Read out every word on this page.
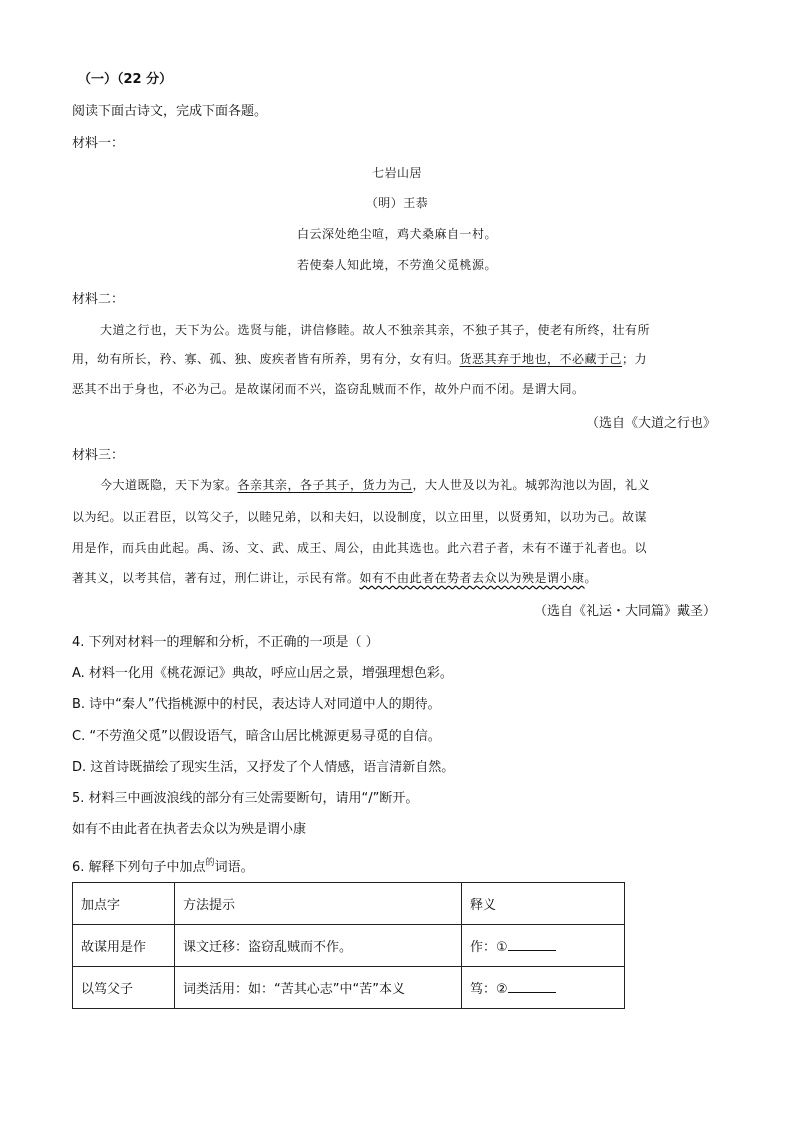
（一）（22 分）
阅读下面古诗文，完成下面各题。
材料一：
七岩山居
（明）王恭
白云深处绝尘喧，鸡犬桑麻自一村。
若使秦人知此境，不劳渔父觅桃源。
材料二：
大道之行也，天下为公。选贤与能，讲信修睦。故人不独亲其亲，不独子其子，使老有所终，壮有所
用，幼有所长，矜、寡、孤、独、废疾者皆有所养，男有分，女有归。货恶其弃于地也，不必藏于己；力
恶其不出于身也，不必为己。是故谋闭而不兴，盗窃乱贼而不作，故外户而不闭。是谓大同。
（选自《大道之行也》
材料三：
今大道既隐，天下为家。各亲其亲，各子其子，货力为己，大人世及以为礼。城郭沟池以为固，礼义
以为纪。以正君臣，以笃父子，以睦兄弟，以和夫妇，以设制度，以立田里，以贤勇知，以功为己。故谋
用是作，而兵由此起。禹、汤、文、武、成王、周公，由此其选也。此六君子者，未有不谨于礼者也。以
著其义，以考其信，著有过，刑仁讲让，示民有常。如有不由此者在势者去众以为殃是谓小康。
（选自《礼运・大同篇》戴圣）
4. 下列对材料一的理解和分析，不正确的一项是（ ）
A. 材料一化用《桃花源记》典故，呼应山居之景，增强理想色彩。
B. 诗中“秦人”代指桃源中的村民，表达诗人对同道中人的期待。
C. “不劳渔父觅”以假设语气，暗含山居比桃源更易寻觅的自信。
D. 这首诗既描绘了现实生活，又抒发了个人情感，语言清新自然。
5. 材料三中画波浪线的部分有三处需要断句，请用“/”断开。
如有不由此者在执者去众以为殃是谓小康
6. 解释下列句子中加点$^的$词语。
加点字	方法提示	释义
故谋用是作	课文迁移：盗窃乱贼而不作。	作：①
以笃父子	词类活用：如：“苦其心志”中“苦”本义	笃：②
